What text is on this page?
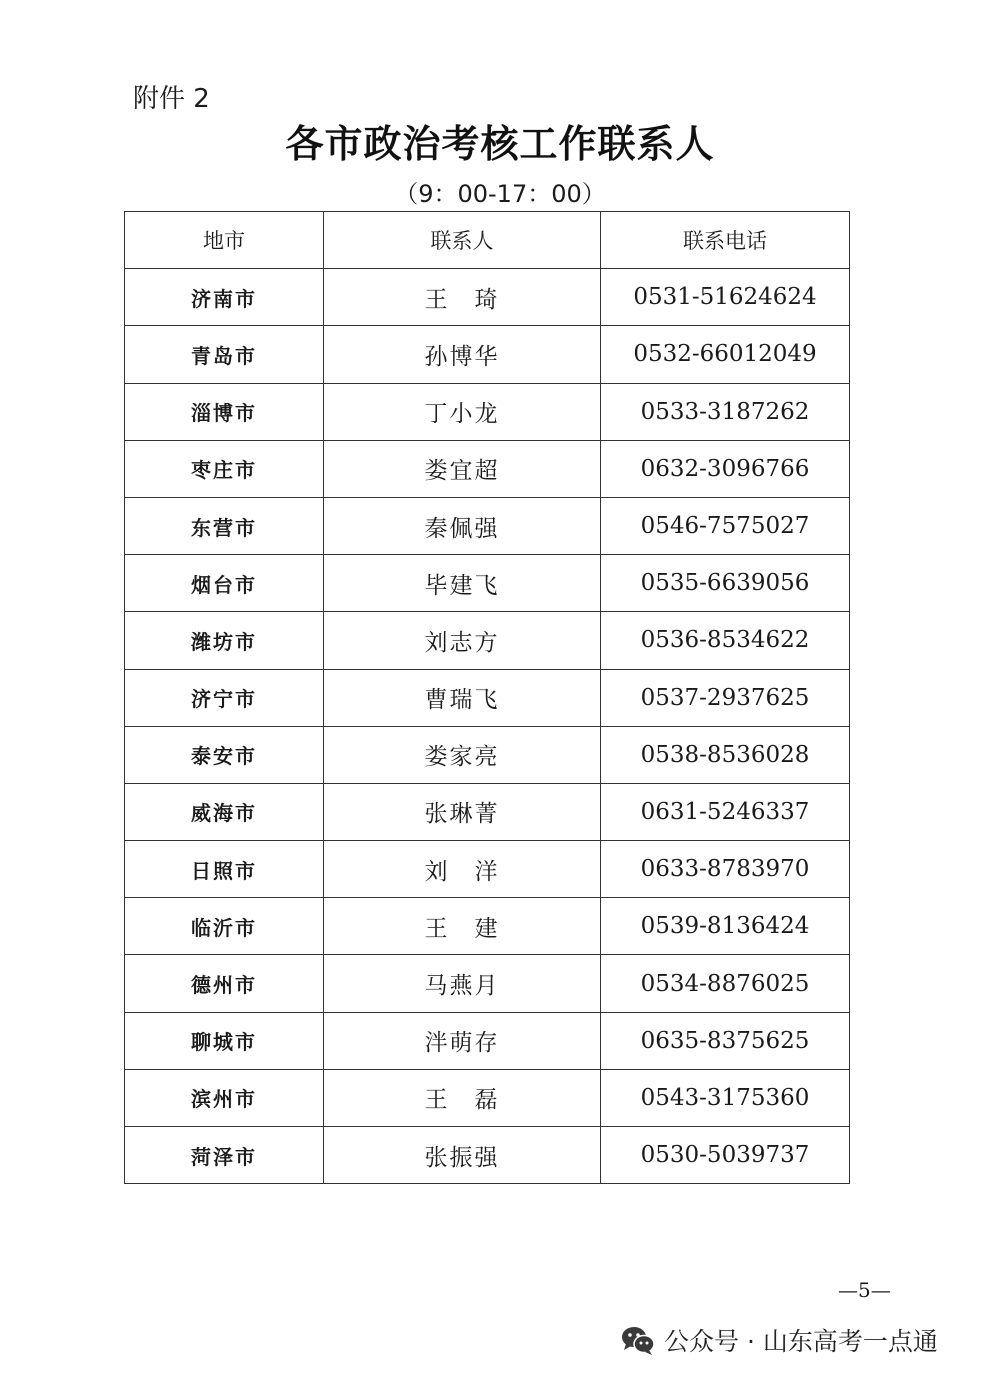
附件 2
各市政治考核工作联系人
（9：00-17：00）
地市	联系人	联系电话
济南市	王　琦	0531-51624624
青岛市	孙博华	0532-66012049
淄博市	丁小龙	0533-3187262
枣庄市	娄宜超	0632-3096766
东营市	秦佩强	0546-7575027
烟台市	毕建飞	0535-6639056
潍坊市	刘志方	0536-8534622
济宁市	曹瑞飞	0537-2937625
泰安市	娄家亮	0538-8536028
威海市	张琳菁	0631-5246337
日照市	刘　洋	0633-8783970
临沂市	王　建	0539-8136424
德州市	马燕月	0534-8876025
聊城市	泮萌存	0635-8375625
滨州市	王　磊	0543-3175360
菏泽市	张振强	0530-5039737
—5—
公众号 · 山东高考一点通
